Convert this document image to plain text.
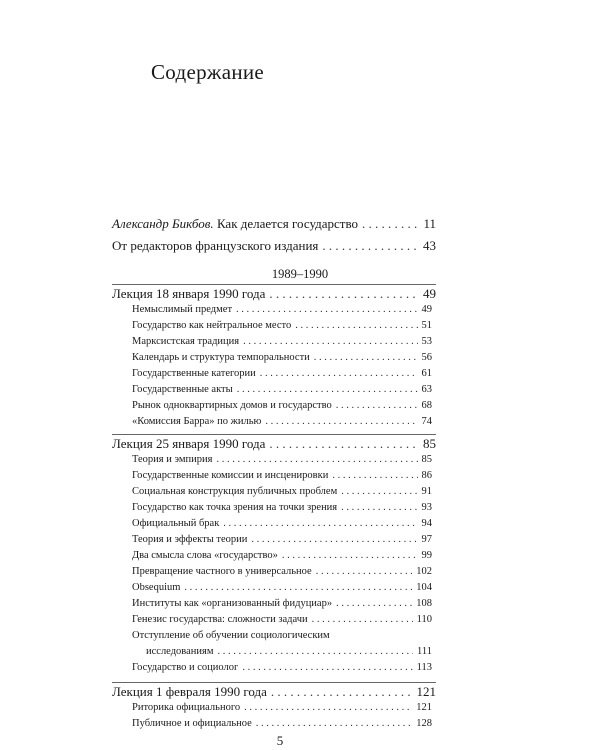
Содержание
Александр Бикбов. Как делается государство . . .	11
От редакторов французского издания . . .	43
1989–1990
Лекция 18 января 1990 года . . .	49
Немыслимый предмет . . .	49
Государство как нейтральное место . . .	51
Марксистская традиция . . .	53
Календарь и структура темпоральности . . .	56
Государственные категории . . .	61
Государственные акты . . .	63
Рынок одноквартирных домов и государство . . .	68
«Комиссия Барра» по жилью . . .	74
Лекция 25 января 1990 года . . .	85
Теория и эмпирия . . .	85
Государственные комиссии и инсценировки . . .	86
Социальная конструкция публичных проблем . . .	91
Государство как точка зрения на точки зрения . . .	93
Официальный брак . . .	94
Теория и эффекты теории . . .	97
Два смысла слова «государство» . . .	99
Превращение частного в универсальное . . .	102
Obsequium . . .	104
Институты как «организованный фидуциар» . . .	108
Генезис государства: сложности задачи . . .	110
Отступление об обучении социологическим
исследованиям . . .	111
Государство и социолог . . .	113
Лекция 1 февраля 1990 года . . .	121
Риторика официального . . .	121
Публичное и официальное . . .	128
5
